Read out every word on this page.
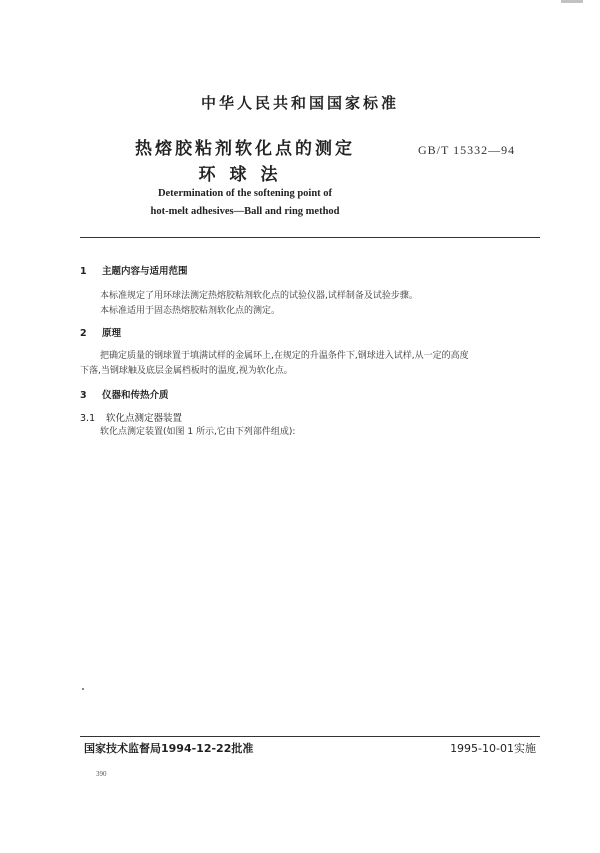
中华人民共和国国家标准
热熔胶粘剂软化点的测定
环球法
GB/T 15332—94
Determination of the softening point of
hot-melt adhesives—Ball and ring method
1 主题内容与适用范围
本标准规定了用环球法测定热熔胶粘剂软化点的试验仪器,试样制备及试验步骤。
本标准适用于固态热熔胶粘剂软化点的测定。
2 原理
把确定质量的钢球置于填满试样的金属环上,在规定的升温条件下,钢球进入试样,从一定的高度
下落,当钢球触及底层金属档板时的温度,视为软化点。
3 仪器和传热介质
3.1 软化点测定器装置
软化点测定装置(如图 1 所示,它由下列部件组成):
国家技术监督局1994-12-22批准	1995-10-01实施
390
